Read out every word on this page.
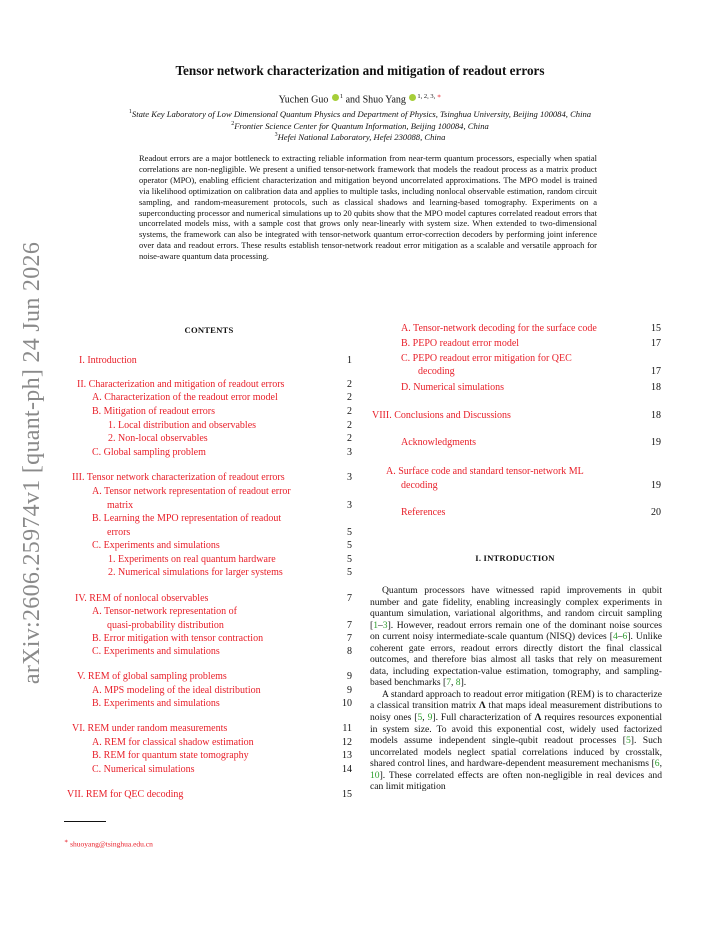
arXiv:2606.25974v1 [quant-ph] 24 Jun 2026
Tensor network characterization and mitigation of readout errors
Yuchen Guo $^1$ and Shuo Yang $^{1, 2, 3, ∗}$
$^1$State Key Laboratory of Low Dimensional Quantum Physics and Department of Physics, Tsinghua University, Beijing 100084, China
$^2$Frontier Science Center for Quantum Information, Beijing 100084, China
$^3$Hefei National Laboratory, Hefei 230088, China
Readout errors are a major bottleneck to extracting reliable information from near-term quantum processors, especially when spatial correlations are non-negligible. We present a unified tensor-network framework that models the readout process as a matrix product operator (MPO), enabling efficient characterization and mitigation beyond uncorrelated approximations. The MPO model is trained via likelihood optimization on calibration data and applies to multiple tasks, including nonlocal observable estimation, random circuit sampling, and random-measurement protocols, such as classical shadows and learning-based tomography. Experiments on a superconducting processor and numerical simulations up to 20 qubits show that the MPO model captures correlated readout errors that uncorrelated models miss, with a sample cost that grows only near-linearly with system size. When extended to two-dimensional systems, the framework can also be integrated with tensor-network quantum error-correction decoders by performing joint inference over data and readout errors. These results establish tensor-network readout error mitigation as a scalable and versatile approach for noise-aware quantum data processing.
CONTENTS
I. Introduction	1
II. Characterization and mitigation of readout errors	2
A. Characterization of the readout error model	2
B. Mitigation of readout errors	2
1. Local distribution and observables	2
2. Non-local observables	2
C. Global sampling problem	3
III. Tensor network characterization of readout errors	3
A. Tensor network representation of readout error
matrix	3
B. Learning the MPO representation of readout
errors	5
C. Experiments and simulations	5
1. Experiments on real quantum hardware	5
2. Numerical simulations for larger systems	5
IV. REM of nonlocal observables	7
A. Tensor-network representation of
quasi-probability distribution	7
B. Error mitigation with tensor contraction	7
C. Experiments and simulations	8
V. REM of global sampling problems	9
A. MPS modeling of the ideal distribution	9
B. Experiments and simulations	10
VI. REM under random measurements	11
A. REM for classical shadow estimation	12
B. REM for quantum state tomography	13
C. Numerical simulations	14
VII. REM for QEC decoding	15
A. Tensor-network decoding for the surface code	15
B. PEPO readout error model	17
C. PEPO readout error mitigation for QEC
decoding	17
D. Numerical simulations	18
VIII. Conclusions and Discussions	18
Acknowledgments	19
A. Surface code and standard tensor-network ML
decoding	19
References	20
I. INTRODUCTION

Quantum processors have witnessed rapid improvements in qubit number and gate fidelity, enabling increasingly complex experiments in quantum simulation, variational algorithms, and random circuit sampling [1–3]. However, readout errors remain one of the dominant noise sources on current noisy intermediate-scale quantum (NISQ) devices [4–6]. Unlike coherent gate errors, readout errors directly distort the final classical outcomes, and therefore bias almost all tasks that rely on measurement data, including expectation-value estimation, tomography, and sampling-based benchmarks [7, 8].

A standard approach to readout error mitigation (REM) is to characterize a classical transition matrix Λ that maps ideal measurement distributions to noisy ones [5, 9]. Full characterization of Λ requires resources exponential in system size. To avoid this exponential cost, widely used factorized models assume independent single-qubit readout processes [5]. Such uncorrelated models neglect spatial correlations induced by crosstalk, shared control lines, and hardware-dependent measurement mechanisms [6, 10]. These correlated effects are often non-negligible in real devices and can limit mitigation

∗ shuoyang@tsinghua.edu.cn
